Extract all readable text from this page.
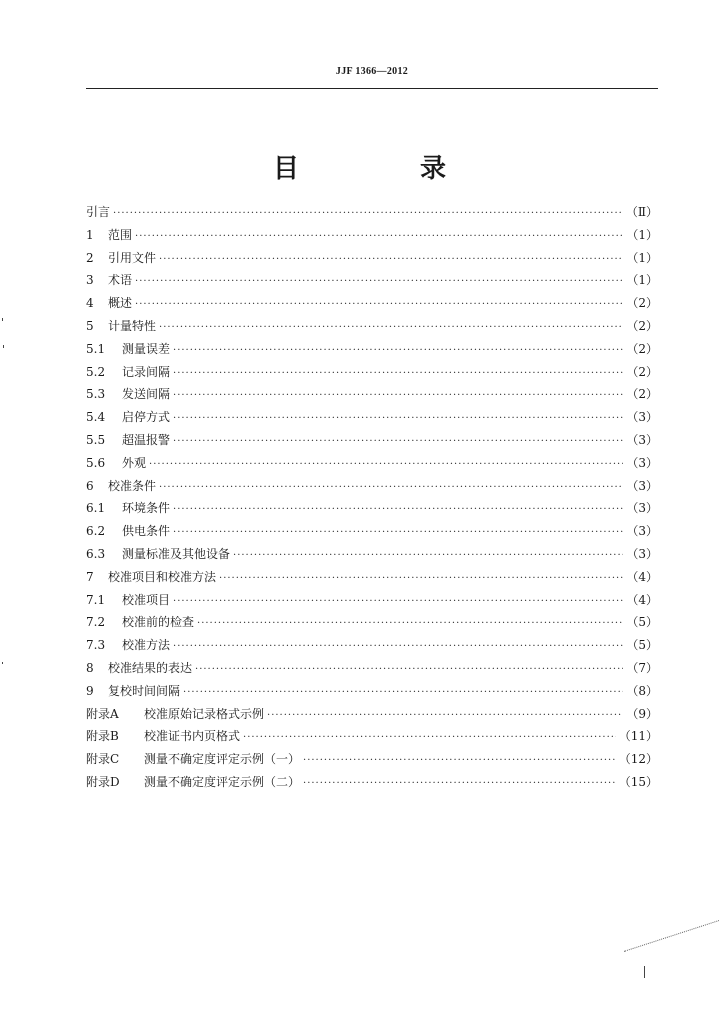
JJF 1366—2012
目 录
引言 ·····	（Ⅱ）
1	范围 ·····	（1）
2	引用文件 ·····	（1）
3	术语 ·····	（1）
4	概述 ·····	（2）
5	计量特性 ·····	（2）
5.1	测量误差 ·····	（2）
5.2	记录间隔 ·····	（2）
5.3	发送间隔 ·····	（2）
5.4	启停方式 ·····	（3）
5.5	超温报警 ·····	（3）
5.6	外观 ·····	（3）
6	校准条件 ·····	（3）
6.1	环境条件 ·····	（3）
6.2	供电条件 ·····	（3）
6.3	测量标准及其他设备 ·····	（3）
7	校准项目和校准方法 ·····	（4）
7.1	校准项目 ·····	（4）
7.2	校准前的检查 ·····	（5）
7.3	校准方法 ·····	（5）
8	校准结果的表达 ·····	（7）
9	复校时间间隔 ·····	（8）
附录A	校准原始记录格式示例 ·····	（9）
附录B	校准证书内页格式 ·····	（11）
附录C	测量不确定度评定示例（一） ·····	（12）
附录D	测量不确定度评定示例（二） ·····	（15）
